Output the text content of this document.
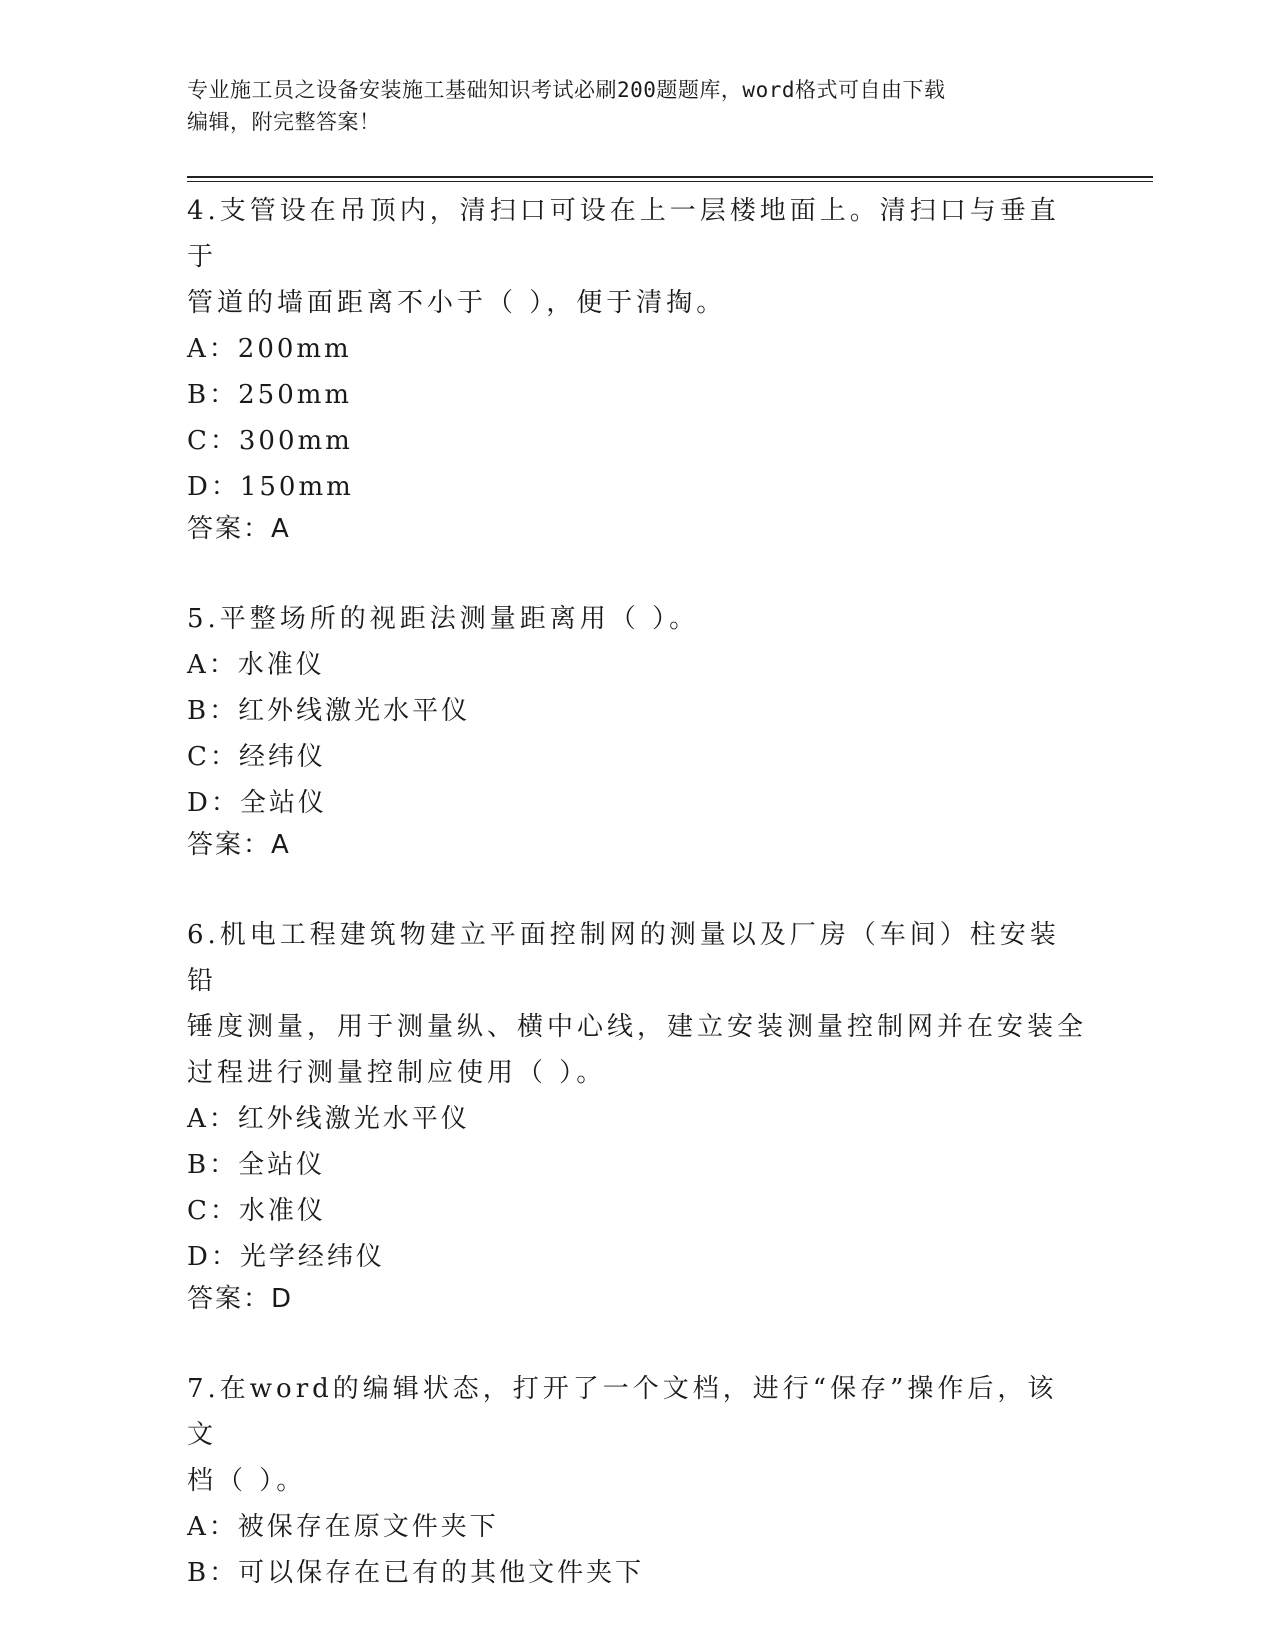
专业施工员之设备安装施工基础知识考试必刷200题题库，word格式可自由下载
编辑，附完整答案！
4.支管设在吊顶内，清扫口可设在上一层楼地面上。清扫口与垂直于
管道的墙面距离不小于（ ），便于清掏。
A：200mm
B：250mm
C：300mm
D：150mm
答案：A
5.平整场所的视距法测量距离用（ ）。
A：水准仪
B：红外线激光水平仪
C：经纬仪
D：全站仪
答案：A
6.机电工程建筑物建立平面控制网的测量以及厂房（车间）柱安装铅
锤度测量，用于测量纵、横中心线，建立安装测量控制网并在安装全
过程进行测量控制应使用（ ）。
A：红外线激光水平仪
B：全站仪
C：水准仪
D：光学经纬仪
答案：D
7.在word的编辑状态，打开了一个文档，进行“保存”操作后，该文
档（ ）。
A：被保存在原文件夹下
B：可以保存在已有的其他文件夹下
